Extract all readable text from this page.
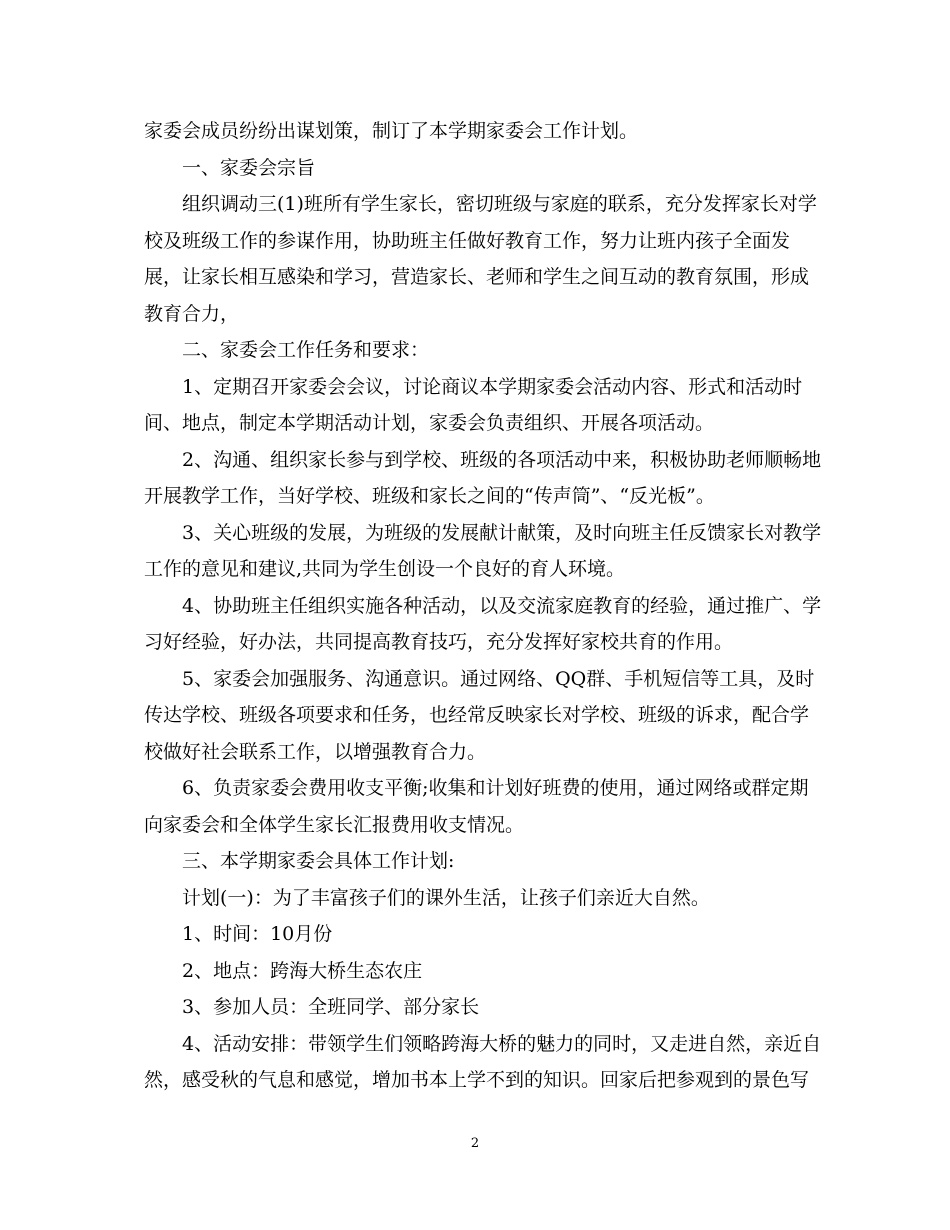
家委会成员纷纷出谋划策，制订了本学期家委会工作计划。
一、家委会宗旨
组织调动三(1)班所有学生家长，密切班级与家庭的联系，充分发挥家长对学
校及班级工作的参谋作用，协助班主任做好教育工作，努力让班内孩子全面发
展，让家长相互感染和学习，营造家长、老师和学生之间互动的教育氛围，形成
教育合力，
二、家委会工作任务和要求：
1、定期召开家委会会议，讨论商议本学期家委会活动内容、形式和活动时
间、地点，制定本学期活动计划，家委会负责组织、开展各项活动。
2、沟通、组织家长参与到学校、班级的各项活动中来，积极协助老师顺畅地
开展教学工作，当好学校、班级和家长之间的“传声筒”、“反光板”。
3、关心班级的发展，为班级的发展献计献策，及时向班主任反馈家长对教学
工作的意见和建议,共同为学生创设一个良好的育人环境。
4、协助班主任组织实施各种活动，以及交流家庭教育的经验，通过推广、学
习好经验，好办法，共同提高教育技巧，充分发挥好家校共育的作用。
5、家委会加强服务、沟通意识。通过网络、QQ群、手机短信等工具，及时
传达学校、班级各项要求和任务，也经常反映家长对学校、班级的诉求，配合学
校做好社会联系工作，以增强教育合力。
6、负责家委会费用收支平衡;收集和计划好班费的使用，通过网络或群定期
向家委会和全体学生家长汇报费用收支情况。
三、本学期家委会具体工作计划:
计划(一)：为了丰富孩子们的课外生活，让孩子们亲近大自然。
1、时间：10月份
2、地点：跨海大桥生态农庄
3、参加人员：全班同学、部分家长
4、活动安排：带领学生们领略跨海大桥的魅力的同时，又走进自然，亲近自
然，感受秋的气息和感觉，增加书本上学不到的知识。回家后把参观到的景色写
2
